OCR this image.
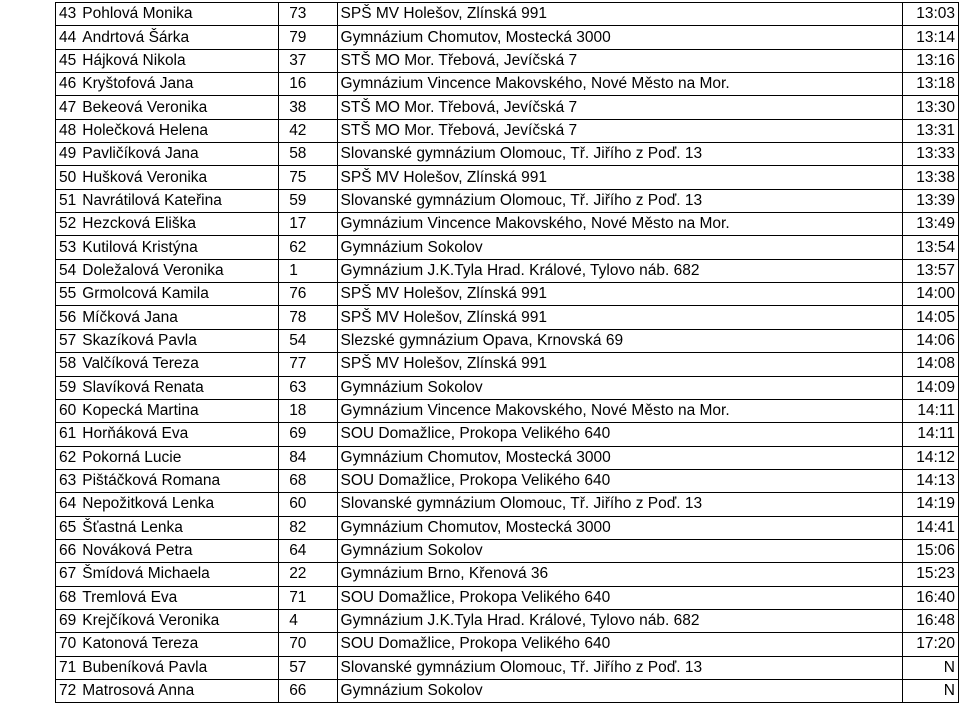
43	Pohlová Monika	73	SPŠ MV Holešov, Zlínská 991	13:03
44	Andrtová Šárka	79	Gymnázium Chomutov, Mostecká 3000	13:14
45	Hájková Nikola	37	STŠ MO Mor. Třebová, Jevíčská 7	13:16
46	Kryštofová Jana	16	Gymnázium Vincence Makovského, Nové Město na Mor.	13:18
47	Bekeová Veronika	38	STŠ MO Mor. Třebová, Jevíčská 7	13:30
48	Holečková Helena	42	STŠ MO Mor. Třebová, Jevíčská 7	13:31
49	Pavličíková Jana	58	Slovanské gymnázium Olomouc, Tř. Jiřího z Poď. 13	13:33
50	Hušková Veronika	75	SPŠ MV Holešov, Zlínská 991	13:38
51	Navrátilová Kateřina	59	Slovanské gymnázium Olomouc, Tř. Jiřího z Poď. 13	13:39
52	Hezcková Eliška	17	Gymnázium Vincence Makovského, Nové Město na Mor.	13:49
53	Kutilová Kristýna	62	Gymnázium Sokolov	13:54
54	Doležalová Veronika	1	Gymnázium J.K.Tyla Hrad. Králové, Tylovo náb. 682	13:57
55	Grmolcová Kamila	76	SPŠ MV Holešov, Zlínská 991	14:00
56	Míčková Jana	78	SPŠ MV Holešov, Zlínská 991	14:05
57	Skazíková Pavla	54	Slezské gymnázium Opava, Krnovská 69	14:06
58	Valčíková Tereza	77	SPŠ MV Holešov, Zlínská 991	14:08
59	Slavíková Renata	63	Gymnázium Sokolov	14:09
60	Kopecká Martina	18	Gymnázium Vincence Makovského, Nové Město na Mor.	14:11
61	Horňáková Eva	69	SOU Domažlice, Prokopa Velikého 640	14:11
62	Pokorná Lucie	84	Gymnázium Chomutov, Mostecká 3000	14:12
63	Pištáčková Romana	68	SOU Domažlice, Prokopa Velikého 640	14:13
64	Nepožitková Lenka	60	Slovanské gymnázium Olomouc, Tř. Jiřího z Poď. 13	14:19
65	Šťastná Lenka	82	Gymnázium Chomutov, Mostecká 3000	14:41
66	Nováková Petra	64	Gymnázium Sokolov	15:06
67	Šmídová Michaela	22	Gymnázium Brno, Křenová 36	15:23
68	Tremlová Eva	71	SOU Domažlice, Prokopa Velikého 640	16:40
69	Krejčíková Veronika	4	Gymnázium J.K.Tyla Hrad. Králové, Tylovo náb. 682	16:48
70	Katonová Tereza	70	SOU Domažlice, Prokopa Velikého 640	17:20
71	Bubeníková Pavla	57	Slovanské gymnázium Olomouc, Tř. Jiřího z Poď. 13	N
72	Matrosová Anna	66	Gymnázium Sokolov	N
